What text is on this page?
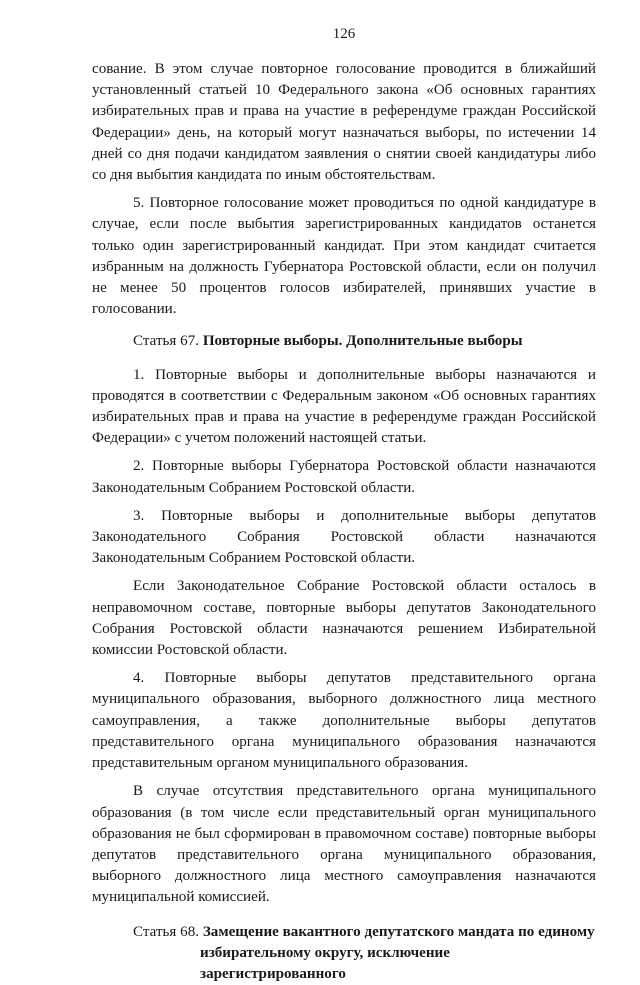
126

сование. В этом случае повторное голосование проводится в ближайший установленный статьей 10 Федерального закона «Об основных гарантиях избирательных прав и права на участие в референдуме граждан Российской Федерации» день, на который могут назначаться выборы, по истечении 14 дней со дня подачи кандидатом заявления о снятии своей кандидатуры либо со дня выбытия кандидата по иным обстоятельствам.

5. Повторное голосование может проводиться по одной кандидатуре в случае, если после выбытия зарегистрированных кандидатов останется только один зарегистрированный кандидат. При этом кандидат считается избранным на должность Губернатора Ростовской области, если он получил не менее 50 процентов голосов избирателей, принявших участие в голосовании.

Статья 67. Повторные выборы. Дополнительные выборы

1. Повторные выборы и дополнительные выборы назначаются и проводятся в соответствии с Федеральным законом «Об основных гарантиях избирательных прав и права на участие в референдуме граждан Российской Федерации» с учетом положений настоящей статьи.

2. Повторные выборы Губернатора Ростовской области назначаются Законодательным Собранием Ростовской области.

3. Повторные выборы и дополнительные выборы депутатов Законодательного Собрания Ростовской области назначаются Законодательным Собранием Ростовской области.

Если Законодательное Собрание Ростовской области осталось в неправомочном составе, повторные выборы депутатов Законодательного Собрания Ростовской области назначаются решением Избирательной комиссии Ростовской области.

4. Повторные выборы депутатов представительного органа муниципального образования, выборного должностного лица местного самоуправления, а также дополнительные выборы депутатов представительного органа муниципального образования назначаются представительным органом муниципального образования.

В случае отсутствия представительного органа муниципального образования (в том числе если представительный орган муниципального образования не был сформирован в правомочном составе) повторные выборы депутатов представительного органа муниципального образования, выборного должностного лица местного самоуправления назначаются муниципальной комиссией.

Статья 68. Замещение вакантного депутатского мандата по единому
избирательному округу, исключение зарегистрированного
